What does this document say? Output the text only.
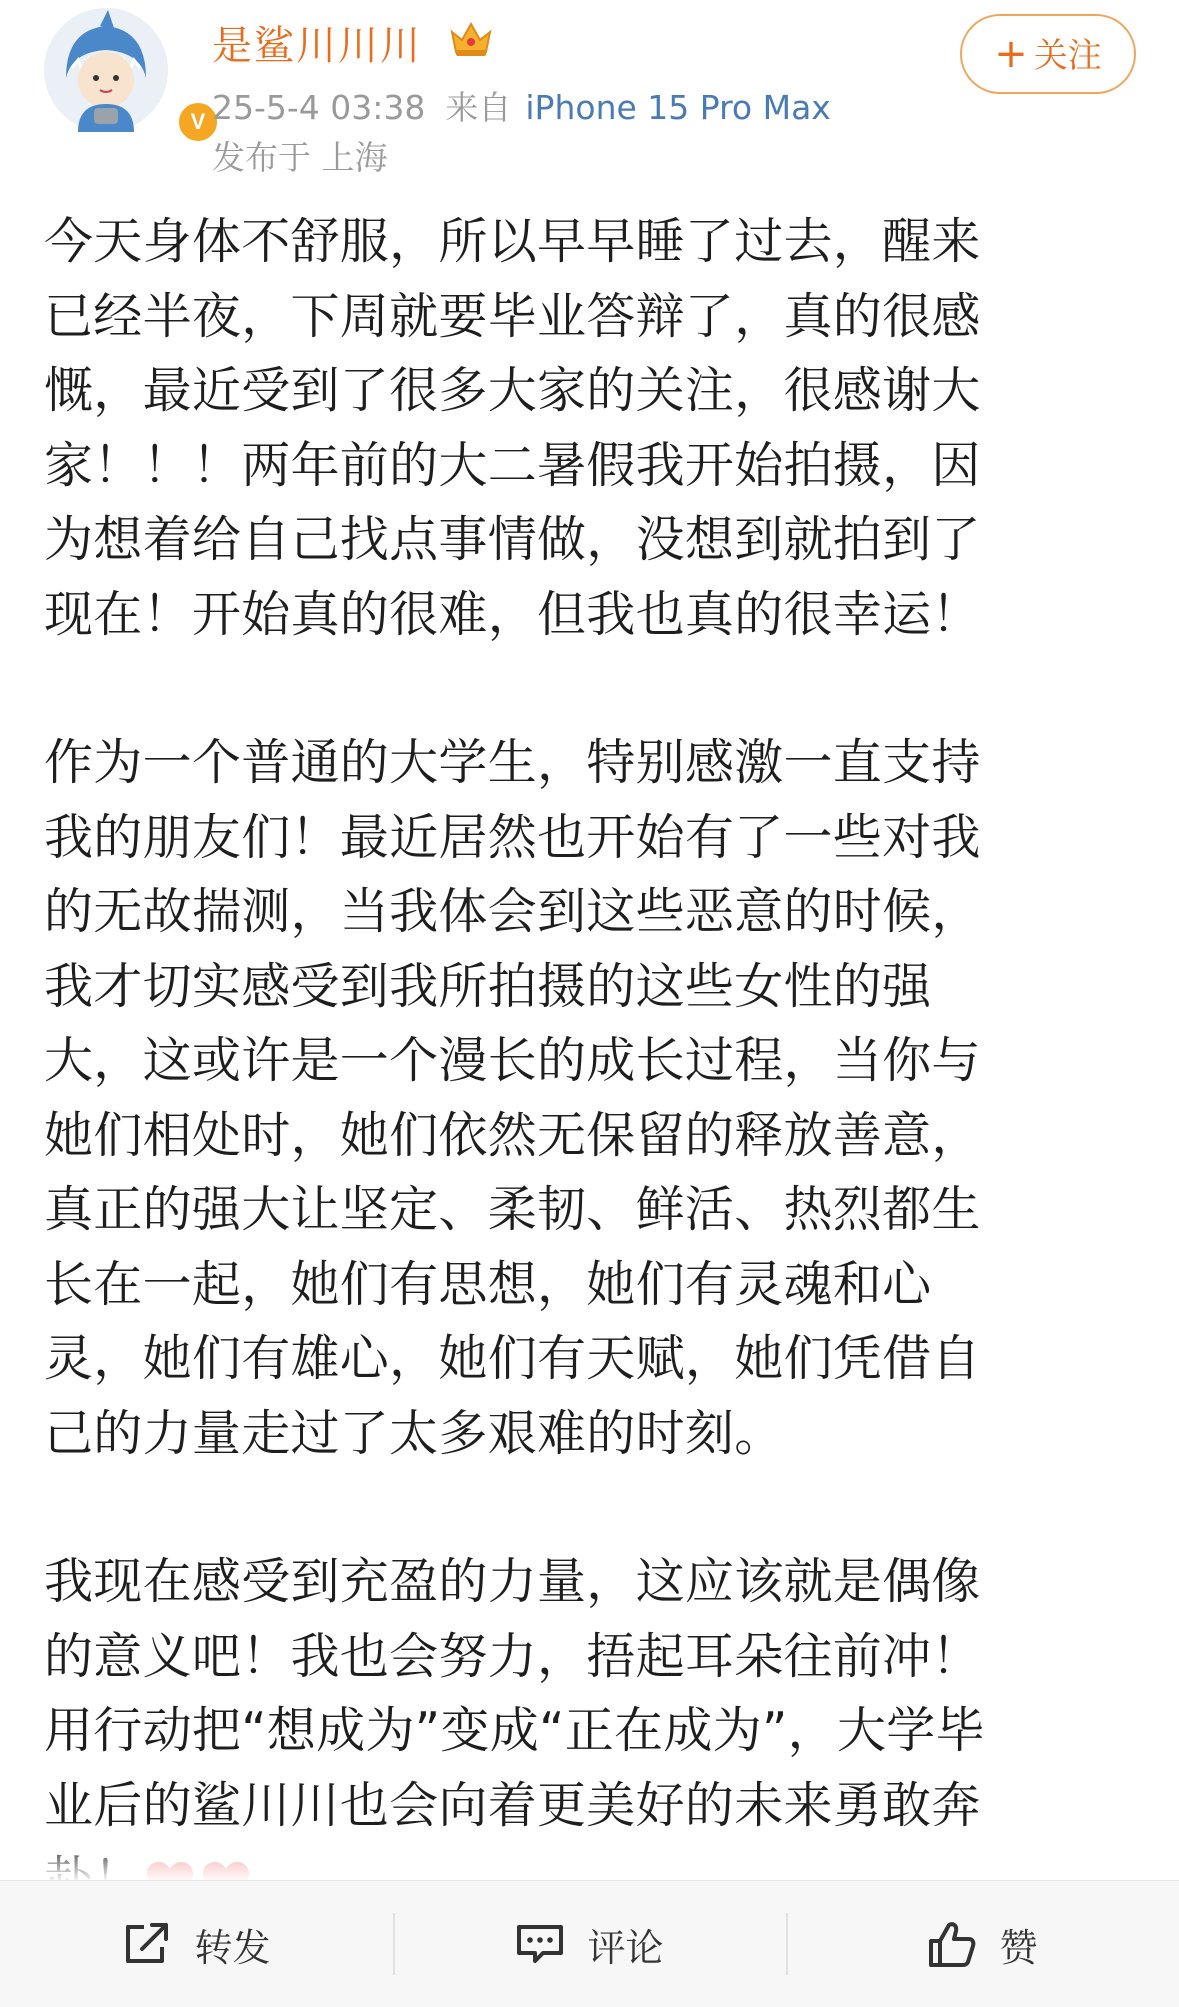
V
是鲨川川川
25-5-4 03:38 来自 iPhone 15 Pro Max
发布于 上海
+ 关注
今天身体不舒服，所以早早睡了过去，醒来
已经半夜，下周就要毕业答辩了，真的很感
慨，最近受到了很多大家的关注，很感谢大
家！！！两年前的大二暑假我开始拍摄，因
为想着给自己找点事情做，没想到就拍到了
现在！开始真的很难，但我也真的很幸运！
作为一个普通的大学生，特别感激一直支持
我的朋友们！最近居然也开始有了一些对我
的无故揣测，当我体会到这些恶意的时候，
我才切实感受到我所拍摄的这些女性的强
大，这或许是一个漫长的成长过程，当你与
她们相处时，她们依然无保留的释放善意，
真正的强大让坚定、柔韧、鲜活、热烈都生
长在一起，她们有思想，她们有灵魂和心
灵，她们有雄心，她们有天赋，她们凭借自
己的力量走过了太多艰难的时刻。
我现在感受到充盈的力量，这应该就是偶像
的意义吧！我也会努力，捂起耳朵往前冲！
用行动把“想成为”变成“正在成为”，大学毕
业后的鲨川川也会向着更美好的未来勇敢奔
转发	评论	赞
